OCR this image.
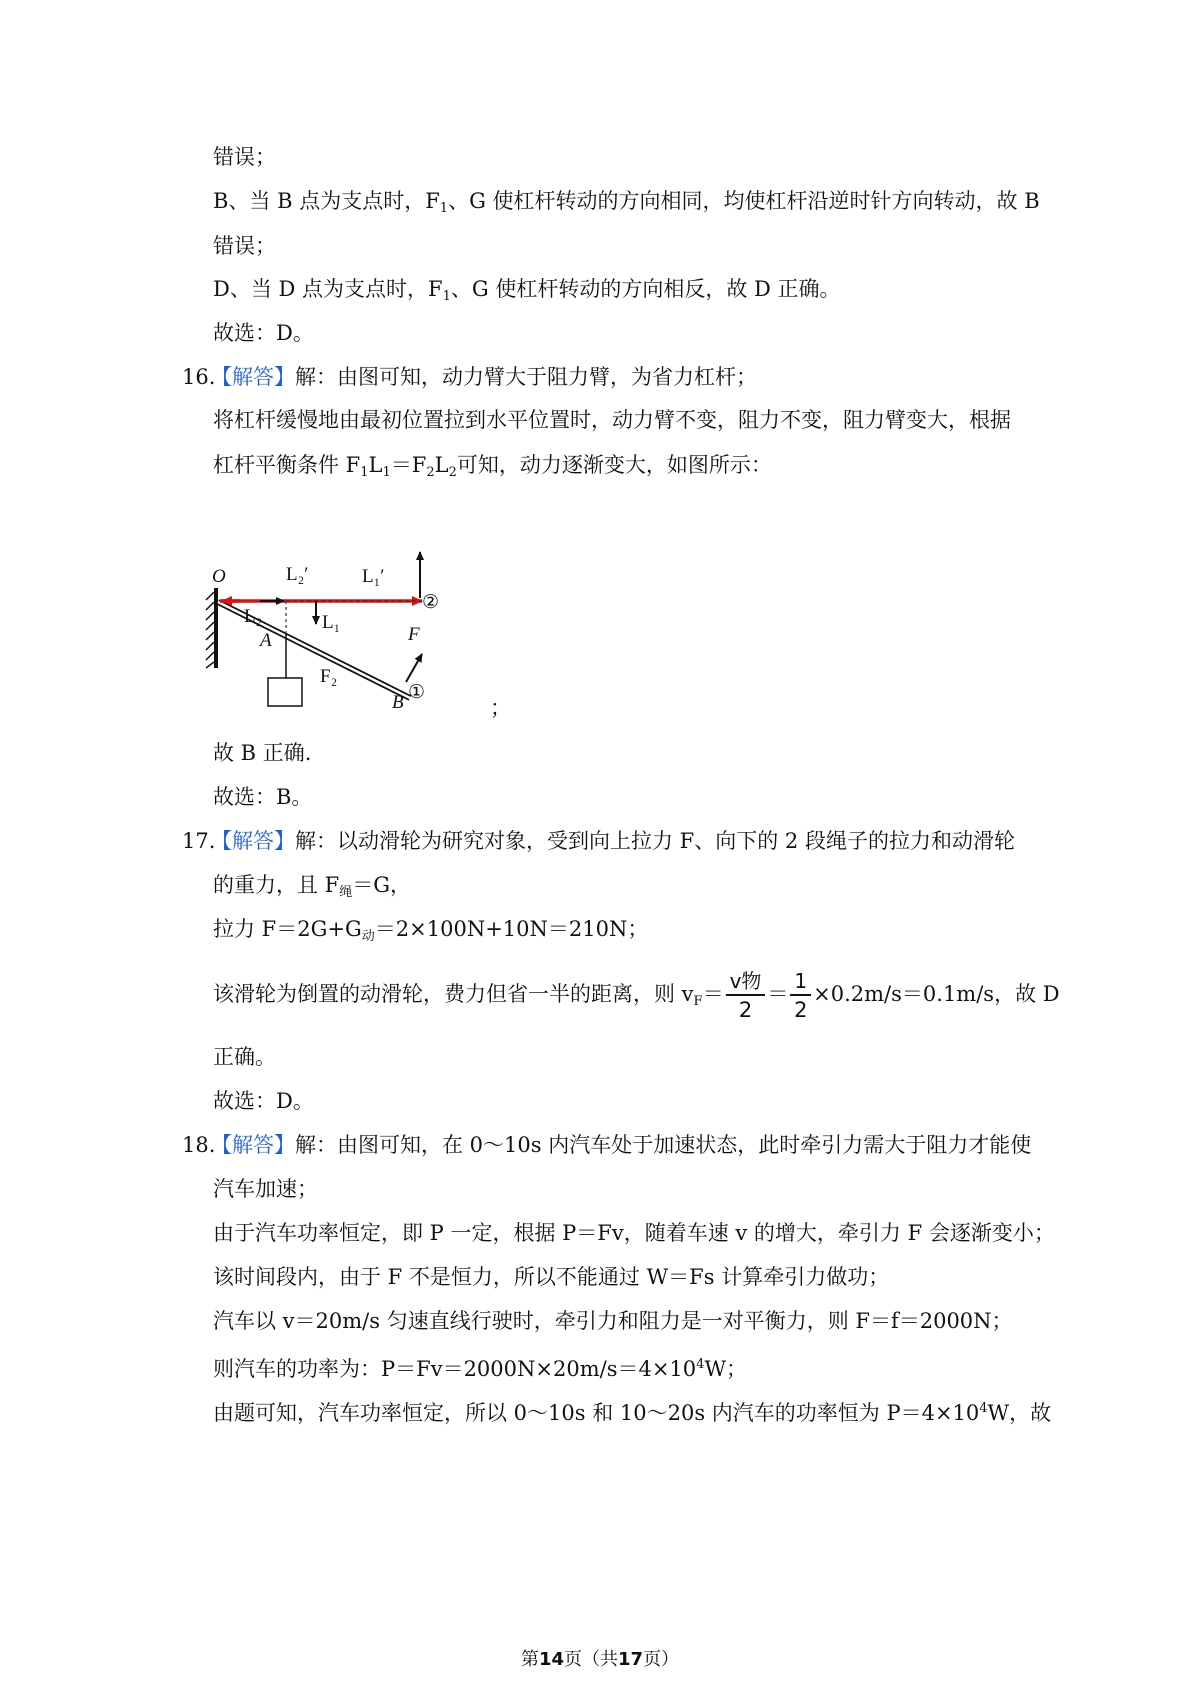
错误；
B、当 B 点为支点时，$F_1$、G 使杠杆转动的方向相同，均使杠杆沿逆时针方向转动，故 B
错误；
D、当 D 点为支点时，$F_1$、G 使杠杆转动的方向相反，故 D 正确。
故选：D。
16.
【解答】解：由图可知，动力臂大于阻力臂，为省力杠杆；
将杠杆缓慢地由最初位置拉到水平位置时，动力臂不变，阻力不变，阻力臂变大，根据
杠杆平衡条件 $F_1L_1=F_2L_2$可知，动力逐渐变大，如图所示：
O	L₂′	L₁′
②
L₂	L₁
A	F
F₂
B ①
；
故 B 正确.
故选：B。
17.
【解答】解：以动滑轮为研究对象，受到向上拉力 F、向下的 2 段绳子的拉力和动滑轮
的重力，且 $F_绳=G$，
拉力 $F=2G+G_动=2\times 100N+10N=210N$；
该滑轮为倒置的动滑轮，费力但省一半的距离，则 $v_F= \frac{\text{v物}}{2} = \frac{1}{2} \times 0.2m/s=0.1m/s$，故 D
正确。
故选：D。
18.
【解答】解：由图可知，在 0～10s 内汽车处于加速状态，此时牵引力需大于阻力才能使
汽车加速；
由于汽车功率恒定，即 P 一定，根据 P＝Fv，随着车速 v 的增大，牵引力 F 会逐渐变小；
该时间段内，由于 F 不是恒力，所以不能通过 W＝Fs 计算牵引力做功；
汽车以 v＝20m/s 匀速直线行驶时，牵引力和阻力是一对平衡力，则 F＝f＝2000N；
则汽车的功率为：$P=Fv=2000N\times 20m/s=4\times 10^4W$；
由题可知，汽车功率恒定，所以 0～10s 和 10～20s 内汽车的功率恒为 $P=4\times 10^4W$，故
第14页（共17页）
